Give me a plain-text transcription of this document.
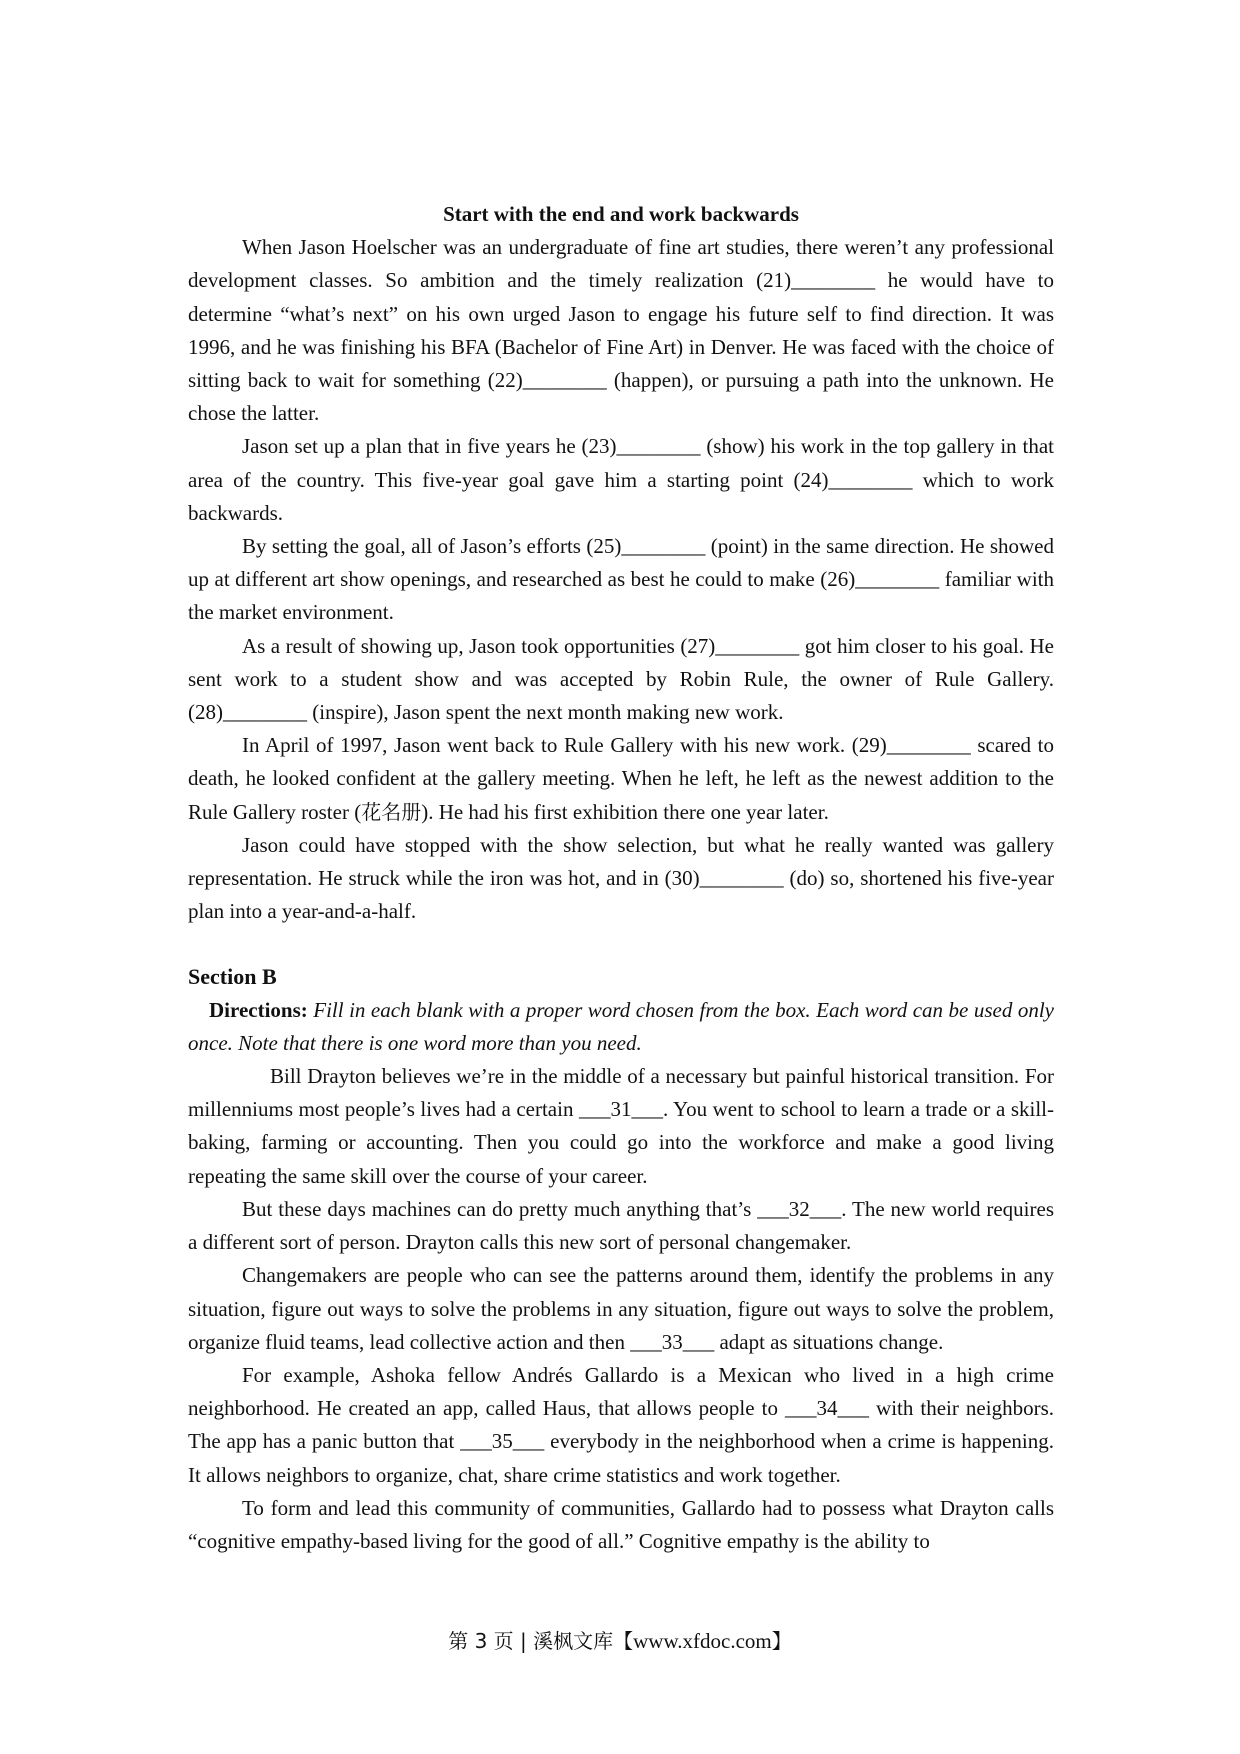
Start with the end and work backwards

When Jason Hoelscher was an undergraduate of fine art studies, there weren’t any professional development classes. So ambition and the timely realization (21)________ he would have to determine “what’s next” on his own urged Jason to engage his future self to find direction. It was 1996, and he was finishing his BFA (Bachelor of Fine Art) in Denver. He was faced with the choice of sitting back to wait for something (22)________ (happen), or pursuing a path into the unknown. He chose the latter.

Jason set up a plan that in five years he (23)________ (show) his work in the top gallery in that area of the country. This five-year goal gave him a starting point (24)________ which to work backwards.

By setting the goal, all of Jason’s efforts (25)________ (point) in the same direction. He showed up at different art show openings, and researched as best he could to make (26)________ familiar with the market environment.

As a result of showing up, Jason took opportunities (27)________ got him closer to his goal. He sent work to a student show and was accepted by Robin Rule, the owner of Rule Gallery. (28)________ (inspire), Jason spent the next month making new work.

In April of 1997, Jason went back to Rule Gallery with his new work. (29)________ scared to death, he looked confident at the gallery meeting. When he left, he left as the newest addition to the Rule Gallery roster (花名册). He had his first exhibition there one year later.

Jason could have stopped with the show selection, but what he really wanted was gallery representation. He struck while the iron was hot, and in (30)________ (do) so, shortened his five-year plan into a year-and-a-half.

Section B

Directions: Fill in each blank with a proper word chosen from the box. Each word can be used only once. Note that there is one word more than you need.

Bill Drayton believes we’re in the middle of a necessary but painful historical transition. For millenniums most people’s lives had a certain ___31___. You went to school to learn a trade or a skill-baking, farming or accounting. Then you could go into the workforce and make a good living repeating the same skill over the course of your career.

But these days machines can do pretty much anything that’s ___32___. The new world requires a different sort of person. Drayton calls this new sort of personal changemaker.

Changemakers are people who can see the patterns around them, identify the problems in any situation, figure out ways to solve the problems in any situation, figure out ways to solve the problem, organize fluid teams, lead collective action and then ___33___ adapt as situations change.

For example, Ashoka fellow Andrés Gallardo is a Mexican who lived in a high crime neighborhood. He created an app, called Haus, that allows people to ___34___ with their neighbors. The app has a panic button that ___35___ everybody in the neighborhood when a crime is happening. It allows neighbors to organize, chat, share crime statistics and work together.

To form and lead this community of communities, Gallardo had to possess what Drayton calls “cognitive empathy-based living for the good of all.” Cognitive empathy is the ability to

第 3 页 | 溪枫文库【www.xfdoc.com】
